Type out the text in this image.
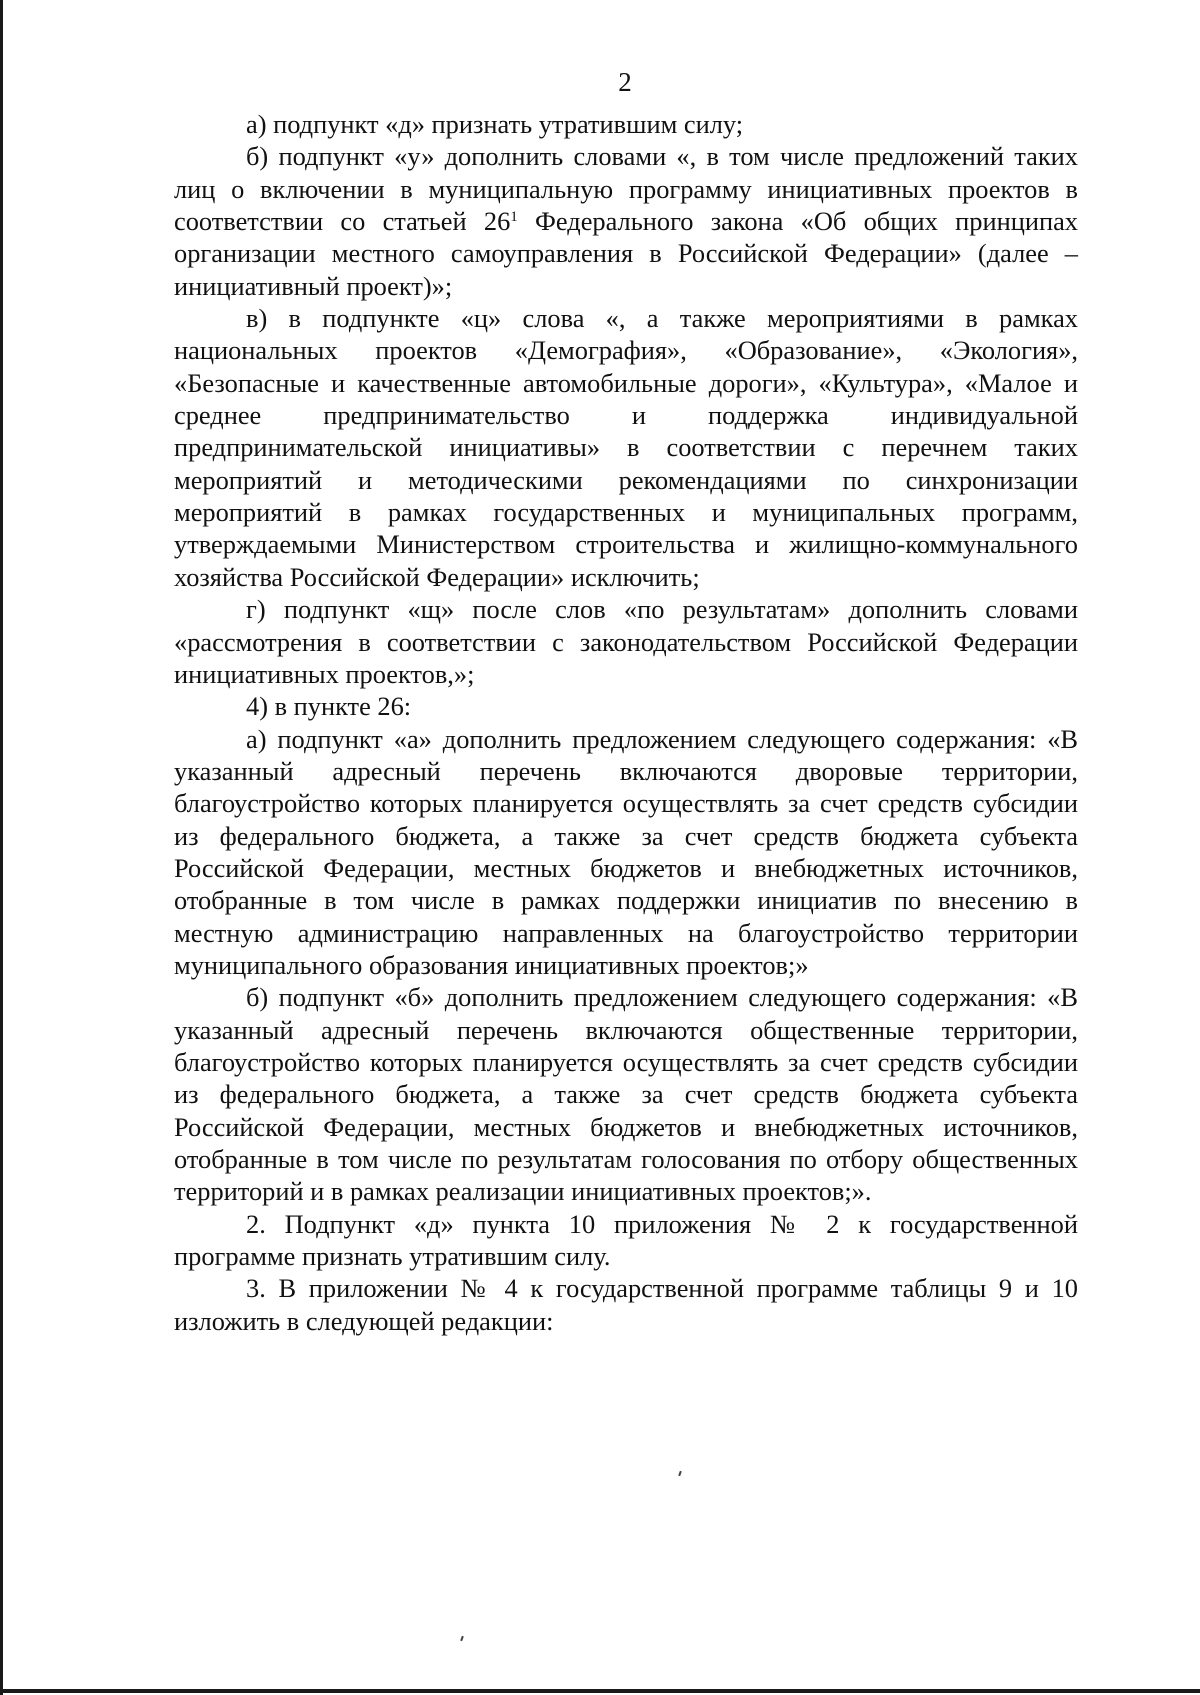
2

а) подпункт «д» признать утратившим силу;

б) подпункт «у» дополнить словами «, в том числе предложений таких лиц о включении в муниципальную программу инициативных проектов в соответствии со статьей $26^1$ Федерального закона «Об общих принципах организации местного самоуправления в Российской Федерации» (далее – инициативный проект)»;

в) в подпункте «ц» слова «, а также мероприятиями в рамках национальных проектов «Демография», «Образование», «Экология», «Безопасные и качественные автомобильные дороги», «Культура», «Малое и среднее предпринимательство и поддержка индивидуальной предпринимательской инициативы» в соответствии с перечнем таких мероприятий и методическими рекомендациями по синхронизации мероприятий в рамках государственных и муниципальных программ, утверждаемыми Министерством строительства и жилищно-коммунального хозяйства Российской Федерации» исключить;

г) подпункт «щ» после слов «по результатам» дополнить словами «рассмотрения в соответствии с законодательством Российской Федерации инициативных проектов,»;

4) в пункте 26:

а) подпункт «а» дополнить предложением следующего содержания: «В указанный адресный перечень включаются дворовые территории, благоустройство которых планируется осуществлять за счет средств субсидии из федерального бюджета, а также за счет средств бюджета субъекта Российской Федерации, местных бюджетов и внебюджетных источников, отобранные в том числе в рамках поддержки инициатив по внесению в местную администрацию направленных на благоустройство территории муниципального образования инициативных проектов;»

б) подпункт «б» дополнить предложением следующего содержания: «В указанный адресный перечень включаются общественные территории, благоустройство которых планируется осуществлять за счет средств субсидии из федерального бюджета, а также за счет средств бюджета субъекта Российской Федерации, местных бюджетов и внебюджетных источников, отобранные в том числе по результатам голосования по отбору общественных территорий и в рамках реализации инициативных проектов;».

2. Подпункт «д» пункта 10 приложения № 2 к государственной программе признать утратившим силу.

3. В приложении № 4 к государственной программе таблицы 9 и 10 изложить в следующей редакции:
